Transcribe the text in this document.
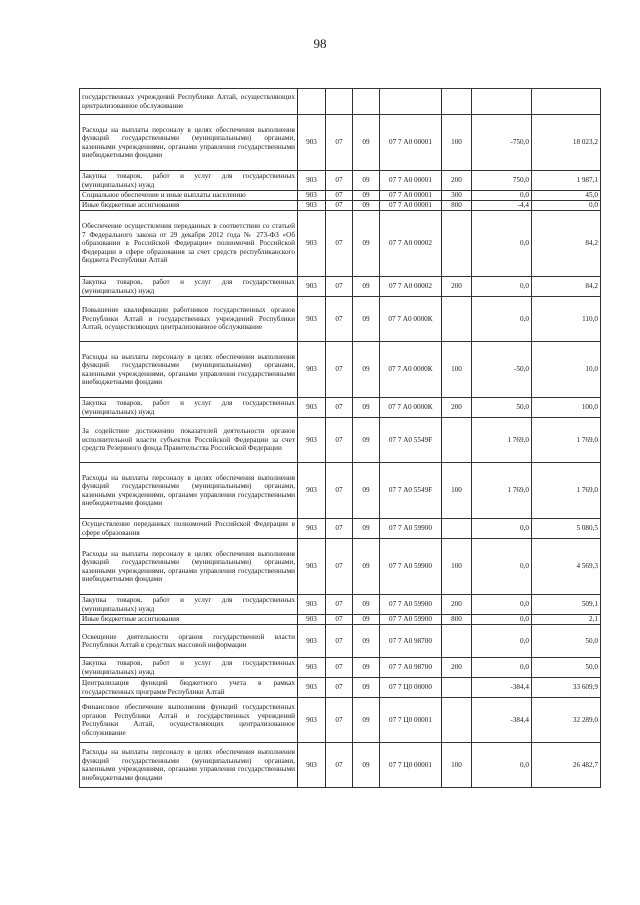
98
государственных учреждений Республики Алтай, осуществляющих централизованное обслуживание							
Расходы на выплаты персоналу в целях обеспечения выполнения функций государственными (муниципальными) органами, казенными учреждениями, органами управления государственными внебюджетными фондами	903	07	09	07 7 А0 00001	100	-750,0	18 023,2
Закупка товаров, работ и услуг для государственных (муниципальных) нужд	903	07	09	07 7 А0 00001	200	750,0	1 987,1
Социальное обеспечение и иные выплаты населению	903	07	09	07 7 А0 00001	300	0,0	45,0
Иные бюджетные ассигнования	903	07	09	07 7 А0 00001	800	-4,4	0,0
Обеспечение осуществления переданных в соответствии со статьей 7 Федерального закона от 29 декабря 2012 года № 273-ФЗ «Об образовании в Российской Федерации» полномочий Российской Федерации в сфере образования за счет средств республиканского бюджета Республики Алтай	903	07	09	07 7 А0 00002		0,0	84,2
Закупка товаров, работ и услуг для государственных (муниципальных) нужд	903	07	09	07 7 А0 00002	200	0,0	84,2
Повышение квалификации работников государственных органов Республики Алтай и государственных учреждений Республики Алтай, осуществляющих централизованное обслуживание	903	07	09	07 7 А0 0000К		0,0	110,0
Расходы на выплаты персоналу в целях обеспечения выполнения функций государственными (муниципальными) органами, казенными учреждениями, органами управления государственными внебюджетными фондами	903	07	09	07 7 А0 0000К	100	-50,0	10,0
Закупка товаров, работ и услуг для государственных (муниципальных) нужд	903	07	09	07 7 А0 0000К	200	50,0	100,0
За содействие достижению показателей деятельности органов исполнительной власти субъектов Российской Федерации за счет средств Резервного фонда Правительства Российской Федерации	903	07	09	07 7 А0 5549F		1 769,0	1 769,0
Расходы на выплаты персоналу в целях обеспечения выполнения функций государственными (муниципальными) органами, казенными учреждениями, органами управления государственными внебюджетными фондами	903	07	09	07 7 А0 5549F	100	1 769,0	1 769,0
Осуществление переданных полномочий Российской Федерации в сфере образования	903	07	09	07 7 А0 59900		0,0	5 080,5
Расходы на выплаты персоналу в целях обеспечения выполнения функций государственными (муниципальными) органами, казенными учреждениями, органами управления государственными внебюджетными фондами	903	07	09	07 7 А0 59900	100	0,0	4 569,3
Закупка товаров, работ и услуг для государственных (муниципальных) нужд	903	07	09	07 7 А0 59900	200	0,0	509,1
Иные бюджетные ассигнования	903	07	09	07 7 А0 59900	800	0,0	2,1
Освещение деятельности органов государственной власти Республики Алтай в средствах массовой информации	903	07	09	07 7 А0 98700		0,0	50,0
Закупка товаров, работ и услуг для государственных (муниципальных) нужд	903	07	09	07 7 А0 98700	200	0,0	50,0
Централизация функций бюджетного учета в рамках государственных программ Республики Алтай	903	07	09	07 7 Ц0 00000		-384,4	33 609,9
Финансовое обеспечение выполнения функций государственных органов Республики Алтай и государственных учреждений Республики Алтай, осуществляющих централизованное обслуживание	903	07	09	07 7 Ц0 00001		-384,4	32 289,0
Расходы на выплаты персоналу в целях обеспечения выполнения функций государственными (муниципальными) органами, казенными учреждениями, органами управления государственными внебюджетными фондами	903	07	09	07 7 Ц0 00001	100	0,0	26 482,7
